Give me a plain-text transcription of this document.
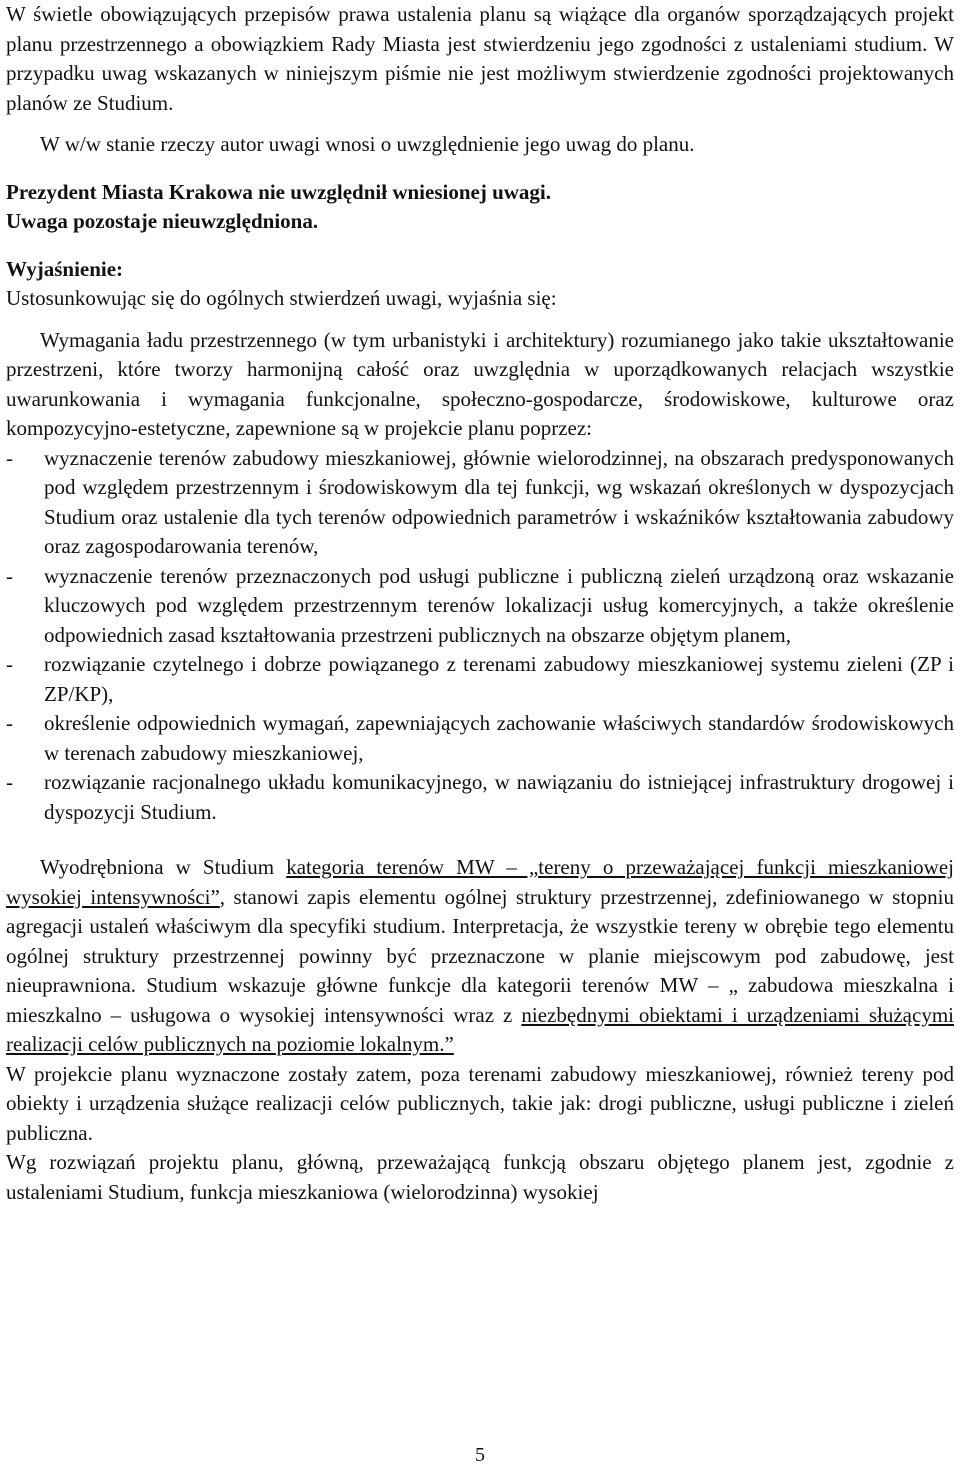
W świetle obowiązujących przepisów prawa ustalenia planu są wiążące dla organów sporządzających projekt planu przestrzennego a obowiązkiem Rady Miasta jest stwierdzeniu jego zgodności z ustaleniami studium. W przypadku uwag wskazanych w niniejszym piśmie nie jest możliwym stwierdzenie zgodności projektowanych planów ze Studium.

W w/w stanie rzeczy autor uwagi wnosi o uwzględnienie jego uwag do planu.

Prezydent Miasta Krakowa nie uwzględnił wniesionej uwagi.
Uwaga pozostaje nieuwzględniona.
Wyjaśnienie:
Ustosunkowując się do ogólnych stwierdzeń uwagi, wyjaśnia się:

Wymagania ładu przestrzennego (w tym urbanistyki i architektury) rozumianego jako takie ukształtowanie przestrzeni, które tworzy harmonijną całość oraz uwzględnia w uporządkowanych relacjach wszystkie uwarunkowania i wymagania funkcjonalne, społeczno-gospodarcze, środowiskowe, kulturowe oraz kompozycyjno-estetyczne, zapewnione są w projekcie planu poprzez:

- wyznaczenie terenów zabudowy mieszkaniowej, głównie wielorodzinnej, na obszarach predysponowanych pod względem przestrzennym i środowiskowym dla tej funkcji, wg wskazań określonych w dyspozycjach Studium oraz ustalenie dla tych terenów odpowiednich parametrów i wskaźników kształtowania zabudowy oraz zagospodarowania terenów,
- wyznaczenie terenów przeznaczonych pod usługi publiczne i publiczną zieleń urządzoną oraz wskazanie kluczowych pod względem przestrzennym terenów lokalizacji usług komercyjnych, a także określenie odpowiednich zasad kształtowania przestrzeni publicznych na obszarze objętym planem,
- rozwiązanie czytelnego i dobrze powiązanego z terenami zabudowy mieszkaniowej systemu zieleni (ZP i ZP/KP),
- określenie odpowiednich wymagań, zapewniających zachowanie właściwych standardów środowiskowych w terenach zabudowy mieszkaniowej,
- rozwiązanie racjonalnego układu komunikacyjnego, w nawiązaniu do istniejącej infrastruktury drogowej i dyspozycji Studium.

Wyodrębniona w Studium kategoria terenów MW – „tereny o przeważającej funkcji mieszkaniowej wysokiej intensywności”, stanowi zapis elementu ogólnej struktury przestrzennej, zdefiniowanego w stopniu agregacji ustaleń właściwym dla specyfiki studium. Interpretacja, że wszystkie tereny w obrębie tego elementu ogólnej struktury przestrzennej powinny być przeznaczone w planie miejscowym pod zabudowę, jest nieuprawniona. Studium wskazuje główne funkcje dla kategorii terenów MW – „ zabudowa mieszkalna i mieszkalno – usługowa o wysokiej intensywności wraz z niezbędnymi obiektami i urządzeniami służącymi realizacji celów publicznych na poziomie lokalnym.”

W projekcie planu wyznaczone zostały zatem, poza terenami zabudowy mieszkaniowej, również tereny pod obiekty i urządzenia służące realizacji celów publicznych, takie jak: drogi publiczne, usługi publiczne i zieleń publiczna.

Wg rozwiązań projektu planu, główną, przeważającą funkcją obszaru objętego planem jest, zgodnie z ustaleniami Studium, funkcja mieszkaniowa (wielorodzinna) wysokiej

5
